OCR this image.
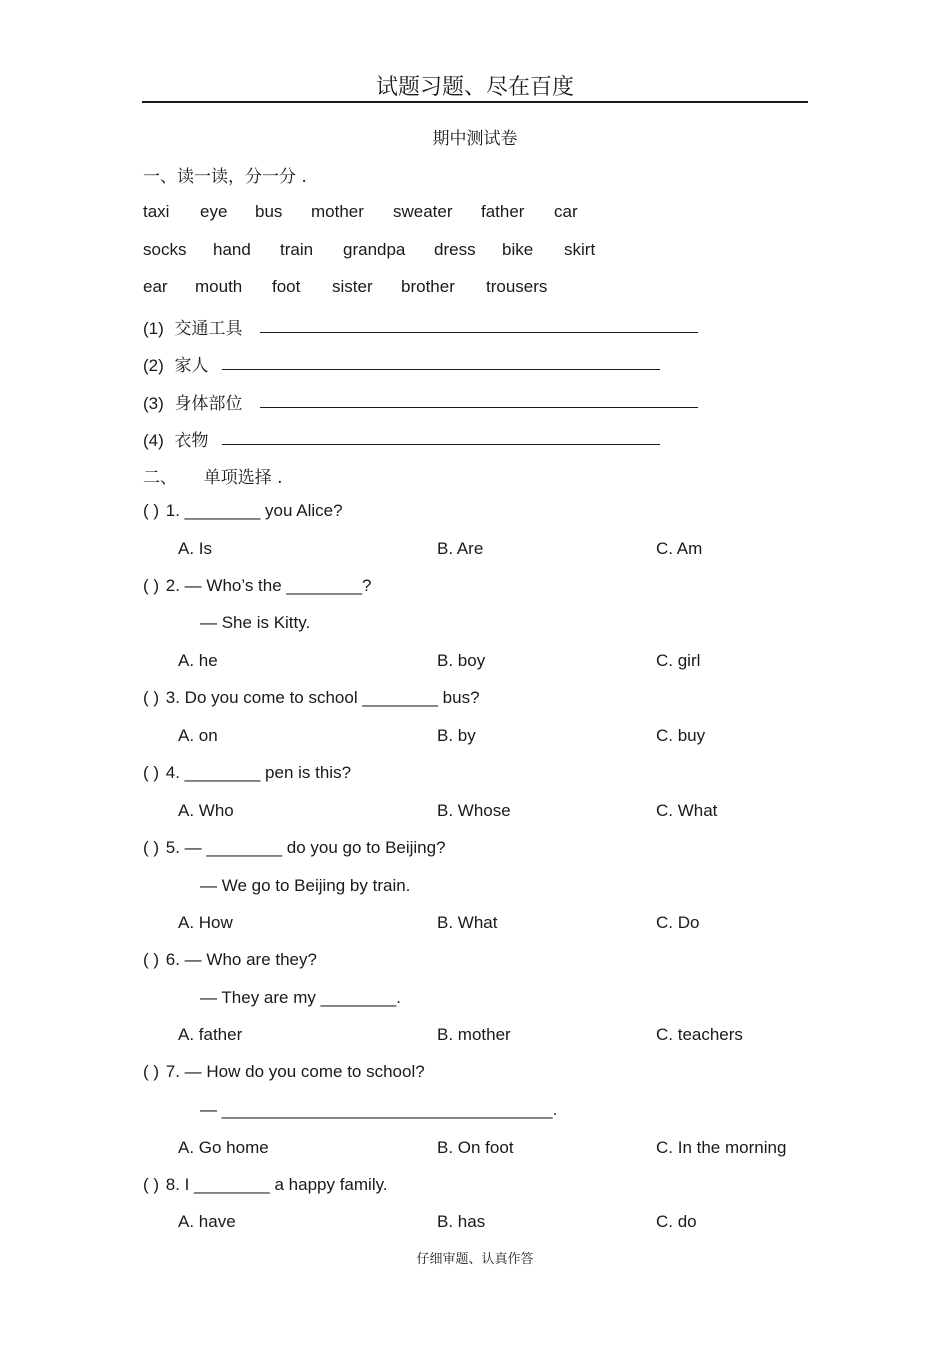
试题习题、尽在百度
期中测试卷
一、读一读，分一分 .
taxi eye bus mother sweater father car
socks hand train grandpa dress bike skirt
ear mouth foot sister brother trousers
(1) 交通工具
(2) 家人
(3) 身体部位
(4) 衣物
二、 单项选择 .
( ) 1. ________ you Alice?
A. Is	B. Are	C. Am
( ) 2. — Who’s the ________?
— She is Kitty.
A. he	B. boy	C. girl
( ) 3. Do you come to school ________ bus?
A. on	B. by	C. buy
( ) 4. ________ pen is this?
A. Who	B. Whose	C. What
( ) 5. — ________ do you go to Beijing?
— We go to Beijing by train.
A. How	B. What	C. Do
( ) 6. — Who are they?
— They are my ________.
A. father	B. mother	C. teachers
( ) 7. — How do you come to school?
— ___________________________________.
A. Go home	B. On foot	C. In the morning
( ) 8. I ________ a happy family.
A. have	B. has	C. do
仔细审题、认真作答
